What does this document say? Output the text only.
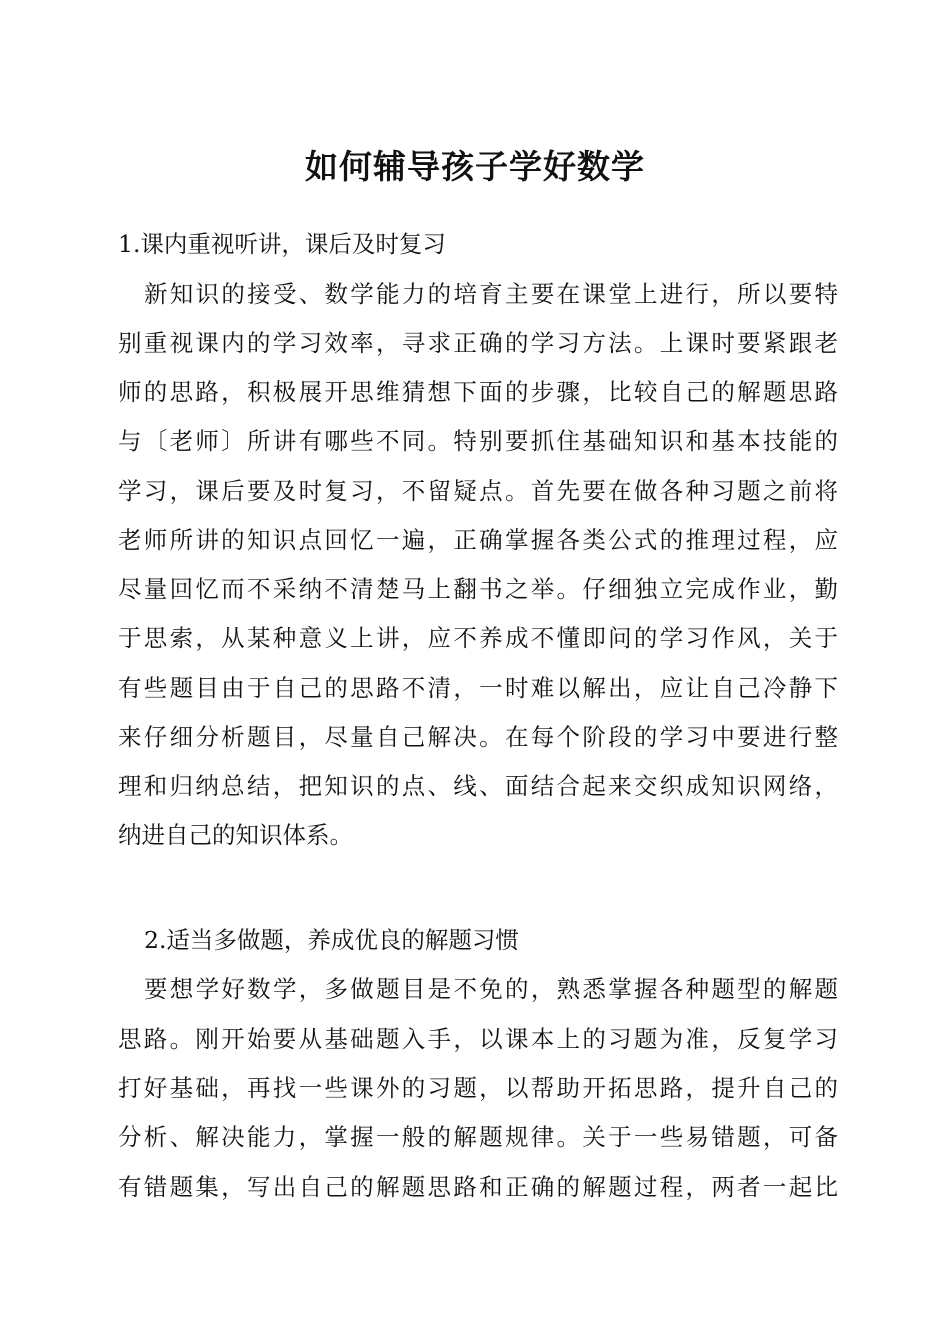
如何辅导孩子学好数学
1.课内重视听讲，课后及时复习
新知识的接受、数学能力的培育主要在课堂上进行，所以要特
别重视课内的学习效率，寻求正确的学习方法。上课时要紧跟老
师的思路，积极展开思维猜想下面的步骤，比较自己的解题思路
与〔老师〕所讲有哪些不同。特别要抓住基础知识和基本技能的
学习，课后要及时复习，不留疑点。首先要在做各种习题之前将
老师所讲的知识点回忆一遍，正确掌握各类公式的推理过程，应
尽量回忆而不采纳不清楚马上翻书之举。仔细独立完成作业，勤
于思索，从某种意义上讲，应不养成不懂即问的学习作风，关于
有些题目由于自己的思路不清，一时难以解出，应让自己冷静下
来仔细分析题目，尽量自己解决。在每个阶段的学习中要进行整
理和归纳总结，把知识的点、线、面结合起来交织成知识网络，
纳进自己的知识体系。
2.适当多做题，养成优良的解题习惯
要想学好数学，多做题目是不免的，熟悉掌握各种题型的解题
思路。刚开始要从基础题入手，以课本上的习题为准，反复学习
打好基础，再找一些课外的习题，以帮助开拓思路，提升自己的
分析、解决能力，掌握一般的解题规律。关于一些易错题，可备
有错题集，写出自己的解题思路和正确的解题过程，两者一起比
